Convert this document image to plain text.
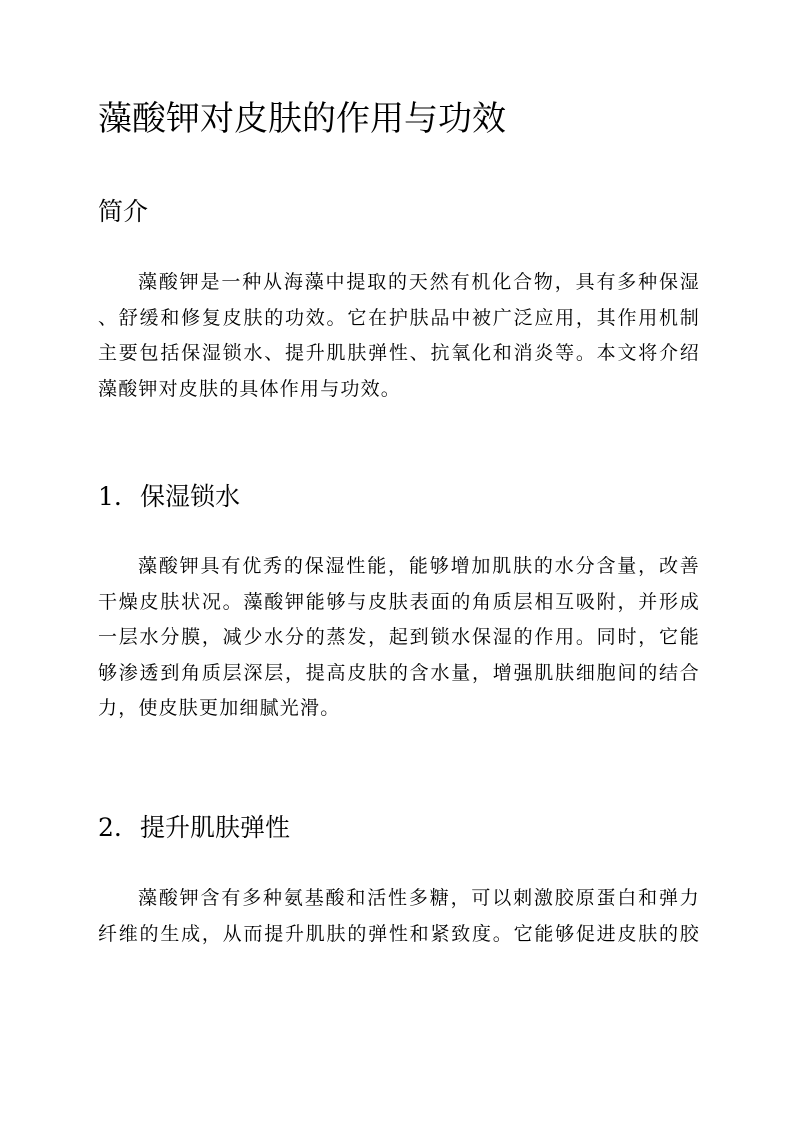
藻酸钾对皮肤的作用与功效
简介

藻酸钾是一种从海藻中提取的天然有机化合物，具有多种保湿
、舒缓和修复皮肤的功效。它在护肤品中被广泛应用，其作用机制
主要包括保湿锁水、提升肌肤弹性、抗氧化和消炎等。本文将介绍
藻酸钾对皮肤的具体作用与功效。

1. 保湿锁水

藻酸钾具有优秀的保湿性能，能够增加肌肤的水分含量，改善
干燥皮肤状况。藻酸钾能够与皮肤表面的角质层相互吸附，并形成
一层水分膜，减少水分的蒸发，起到锁水保湿的作用。同时，它能
够渗透到角质层深层，提高皮肤的含水量，增强肌肤细胞间的结合
力，使皮肤更加细腻光滑。

2. 提升肌肤弹性

藻酸钾含有多种氨基酸和活性多糖，可以刺激胶原蛋白和弹力
纤维的生成，从而提升肌肤的弹性和紧致度。它能够促进皮肤的胶
